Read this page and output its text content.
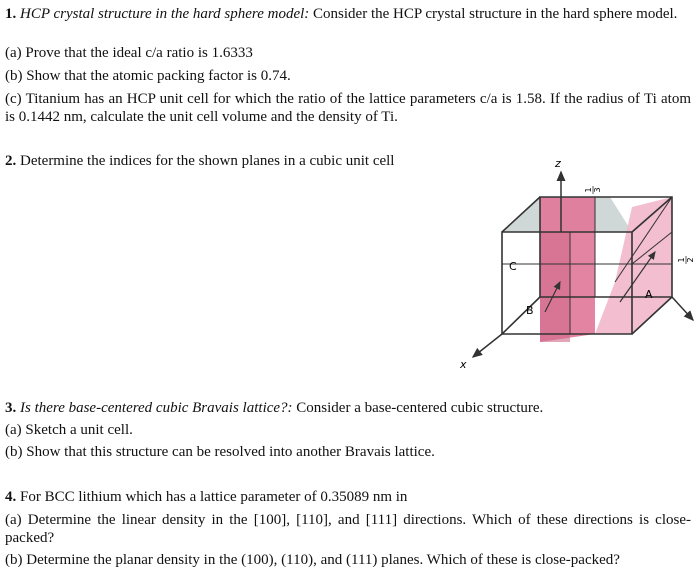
1. HCP crystal structure in the hard sphere model: Consider the HCP crystal structure in the hard sphere model.
(a) Prove that the ideal c/a ratio is 1.6333
(b) Show that the atomic packing factor is 0.74.
(c) Titanium has an HCP unit cell for which the ratio of the lattice parameters c/a is 1.58. If the radius of Ti atom is 0.1442 nm, calculate the unit cell volume and the density of Ti.
2. Determine the indices for the shown planes in a cubic unit cell	z
x
A
B
C
1 3
1 2
3. Is there base-centered cubic Bravais lattice?: Consider a base-centered cubic structure.
(a) Sketch a unit cell.
(b) Show that this structure can be resolved into another Bravais lattice.
4. For BCC lithium which has a lattice parameter of 0.35089 nm in
(a) Determine the linear density in the [100], [110], and [111] directions. Which of these directions is close-packed?
(b) Determine the planar density in the (100), (110), and (111) planes. Which of these is close-packed?
